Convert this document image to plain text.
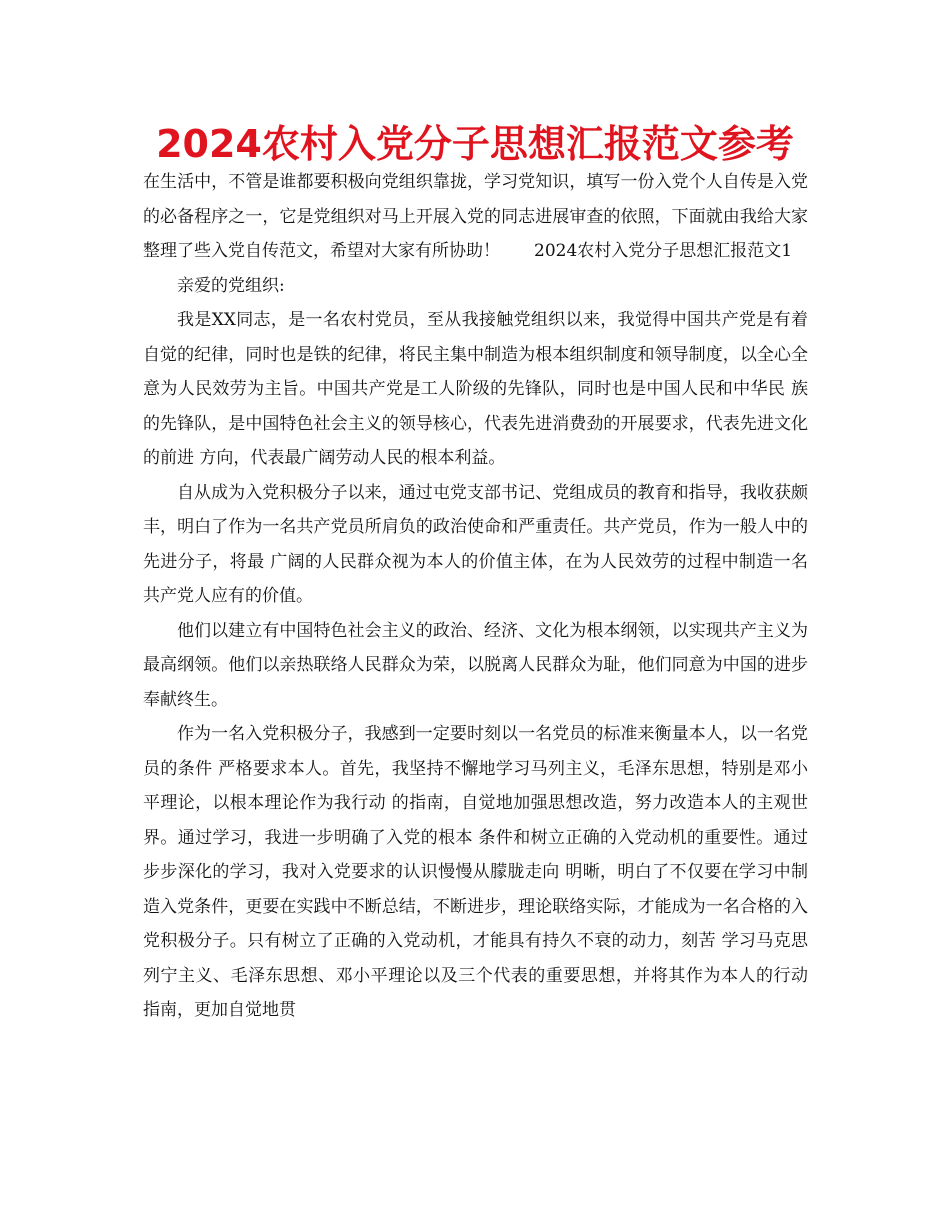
2024农村入党分子思想汇报范文参考

在生活中，不管是谁都要积极向党组织靠拢，学习党知识，填写一份入党个人自传是入党的必备程序之一，它是党组织对马上开展入党的同志进展审查的依照，下面就由我给大家整理了些入党自传范文，希望对大家有所协助！　　2024农村入党分子思想汇报范文1

亲爱的党组织:

我是XX同志，是一名农村党员，至从我接触党组织以来，我觉得中国共产党是有着自觉的纪律，同时也是铁的纪律，将民主集中制造为根本组织制度和领导制度，以全心全意为人民效劳为主旨。中国共产党是工人阶级的先锋队，同时也是中国人民和中华民 族的先锋队，是中国特色社会主义的领导核心，代表先进消费劲的开展要求，代表先进文化的前进 方向，代表最广阔劳动人民的根本利益。

自从成为入党积极分子以来，通过屯党支部书记、党组成员的教育和指导，我收获颇丰，明白了作为一名共产党员所肩负的政治使命和严重责任。共产党员，作为一般人中的先进分子，将最 广阔的人民群众视为本人的价值主体，在为人民效劳的过程中制造一名共产党人应有的价值。

他们以建立有中国特色社会主义的政治、经济、文化为根本纲领，以实现共产主义为最高纲领。他们以亲热联络人民群众为荣，以脱离人民群众为耻，他们同意为中国的进步奉献终生。

作为一名入党积极分子，我感到一定要时刻以一名党员的标准来衡量本人，以一名党员的条件 严格要求本人。首先，我坚持不懈地学习马列主义，毛泽东思想，特别是邓小平理论，以根本理论作为我行动 的指南，自觉地加强思想改造，努力改造本人的主观世界。通过学习，我进一步明确了入党的根本 条件和树立正确的入党动机的重要性。通过步步深化的学习，我对入党要求的认识慢慢从朦胧走向 明晰，明白了不仅要在学习中制造入党条件，更要在实践中不断总结，不断进步，理论联络实际，才能成为一名合格的入党积极分子。只有树立了正确的入党动机，才能具有持久不衰的动力，刻苦 学习马克思列宁主义、毛泽东思想、邓小平理论以及三个代表的重要思想，并将其作为本人的行动 指南，更加自觉地贯
